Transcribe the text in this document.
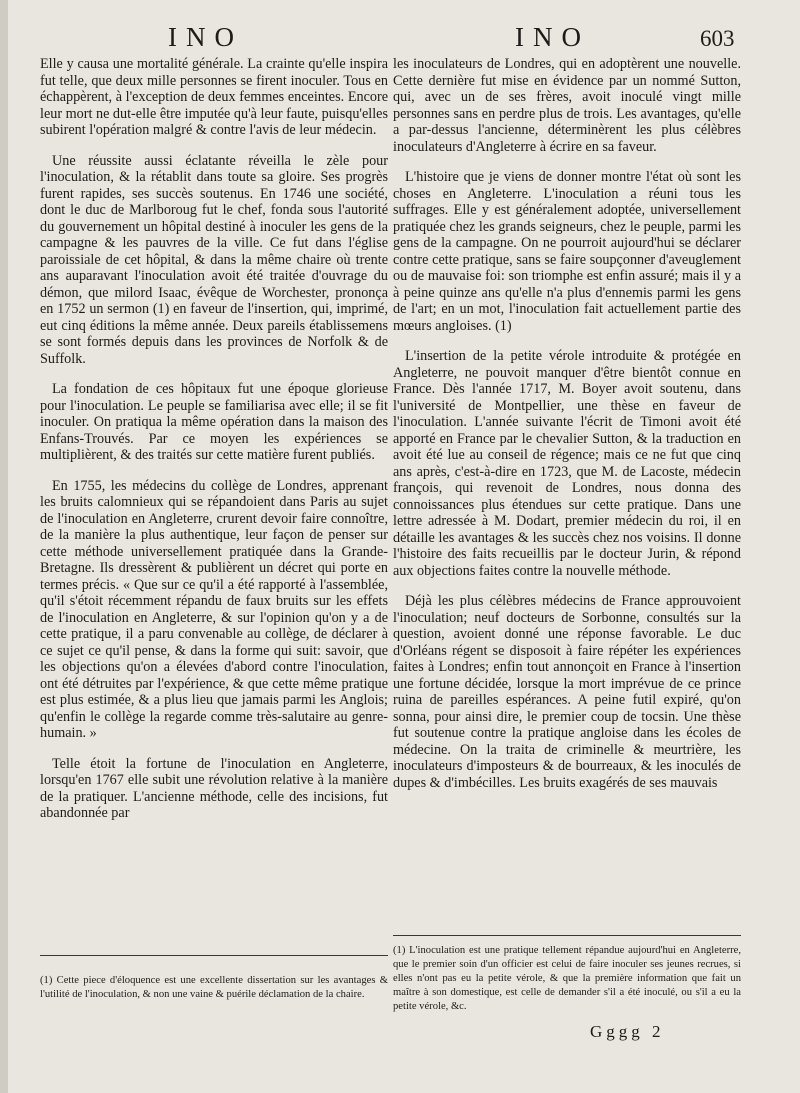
INO	INO	603

Elle y causa une mortalité générale. La crainte qu'elle inspira fut telle, que deux mille personnes se firent inoculer. Tous en échappèrent, à l'exception de deux femmes enceintes. Encore leur mort ne dut-elle être imputée qu'à leur faute, puisqu'elles subirent l'opération malgré & contre l'avis de leur médecin.

Une réussite aussi éclatante réveilla le zèle pour l'inoculation, & la rétablit dans toute sa gloire. Ses progrès furent rapides, ses succès soutenus. En 1746 une société, dont le duc de Marlboroug fut le chef, fonda sous l'autorité du gouvernement un hôpital destiné à inoculer les gens de la campagne & les pauvres de la ville. Ce fut dans l'église paroissiale de cet hôpital, & dans la même chaire où trente ans auparavant l'inoculation avoit été traitée d'ouvrage du démon, que milord Isaac, évêque de Worchester, prononça en 1752 un sermon (1) en faveur de l'insertion, qui, imprimé, eut cinq éditions la même année. Deux pareils établissemens se sont formés depuis dans les provinces de Norfolk & de Suffolk.

La fondation de ces hôpitaux fut une époque glorieuse pour l'inoculation. Le peuple se familiarisa avec elle; il se fit inoculer. On pratiqua la même opération dans la maison des Enfans-Trouvés. Par ce moyen les expériences se multiplièrent, & des traités sur cette matière furent publiés.

En 1755, les médecins du collège de Londres, apprenant les bruits calomnieux qui se répandoient dans Paris au sujet de l'inoculation en Angleterre, crurent devoir faire connoître, de la manière la plus authentique, leur façon de penser sur cette méthode universellement pratiquée dans la Grande-Bretagne. Ils dressèrent & publièrent un décret qui porte en termes précis. « Que sur ce qu'il a été rapporté à l'assemblée, qu'il s'étoit récemment répandu de faux bruits sur les effets de l'inoculation en Angleterre, & sur l'opinion qu'on y a de cette pratique, il a paru convenable au collège, de déclarer à ce sujet ce qu'il pense, & dans la forme qui suit: savoir, que les objections qu'on a élevées d'abord contre l'inoculation, ont été détruites par l'expérience, & que cette même pratique est plus estimée, & a plus lieu que jamais parmi les Anglois; qu'enfin le collège la regarde comme très-salutaire au genre-humain. »

Telle étoit la fortune de l'inoculation en Angleterre, lorsqu'en 1767 elle subit une révolution relative à la manière de la pratiquer. L'ancienne méthode, celle des incisions, fut abandonnée par

les inoculateurs de Londres, qui en adoptèrent une nouvelle. Cette dernière fut mise en évidence par un nommé Sutton, qui, avec un de ses frères, avoit inoculé vingt mille personnes sans en perdre plus de trois. Les avantages, qu'elle a par-dessus l'ancienne, déterminèrent les plus célèbres inoculateurs d'Angleterre à écrire en sa faveur.

L'histoire que je viens de donner montre l'état où sont les choses en Angleterre. L'inoculation a réuni tous les suffrages. Elle y est généralement adoptée, universellement pratiquée chez les grands seigneurs, chez le peuple, parmi les gens de la campagne. On ne pourroit aujourd'hui se déclarer contre cette pratique, sans se faire soupçonner d'aveuglement ou de mauvaise foi: son triomphe est enfin assuré; mais il y a à peine quinze ans qu'elle n'a plus d'ennemis parmi les gens de l'art; en un mot, l'inoculation fait actuellement partie des mœurs angloises. (1)

L'insertion de la petite vérole introduite & protégée en Angleterre, ne pouvoit manquer d'être bientôt connue en France. Dès l'année 1717, M. Boyer avoit soutenu, dans l'université de Montpellier, une thèse en faveur de l'inoculation. L'année suivante l'écrit de Timoni avoit été apporté en France par le chevalier Sutton, & la traduction en avoit été lue au conseil de régence; mais ce ne fut que cinq ans après, c'est-à-dire en 1723, que M. de Lacoste, médecin françois, qui revenoit de Londres, nous donna des connoissances plus étendues sur cette pratique. Dans une lettre adressée à M. Dodart, premier médecin du roi, il en détaille les avantages & les succès chez nos voisins. Il donne l'histoire des faits recueillis par le docteur Jurin, & répond aux objections faites contre la nouvelle méthode.

Déjà les plus célèbres médecins de France approuvoient l'inoculation; neuf docteurs de Sorbonne, consultés sur la question, avoient donné une réponse favorable. Le duc d'Orléans régent se disposoit à faire répéter les expériences faites à Londres; enfin tout annonçoit en France à l'insertion une fortune décidée, lorsque la mort imprévue de ce prince ruina de pareilles espérances. A peine futil expiré, qu'on sonna, pour ainsi dire, le premier coup de tocsin. Une thèse fut soutenue contre la pratique angloise dans les écoles de médecine. On la traita de criminelle & meurtrière, les inoculateurs d'imposteurs & de bourreaux, & les inoculés de dupes & d'imbécilles. Les bruits exagérés de ses mauvais

(1) Cette piece d'éloquence est une excellente dissertation sur les avantages & l'utilité de l'inoculation, & non une vaine & puérile déclamation de la chaire.

(1) L'inoculation est une pratique tellement répandue aujourd'hui en Angleterre, que le premier soin d'un officier est celui de faire inoculer ses jeunes recrues, si elles n'ont pas eu la petite vérole, & que la première information que fait un maître à son domestique, est celle de demander s'il a été inoculé, ou s'il a eu la petite vérole, &c.

Gggg 2
